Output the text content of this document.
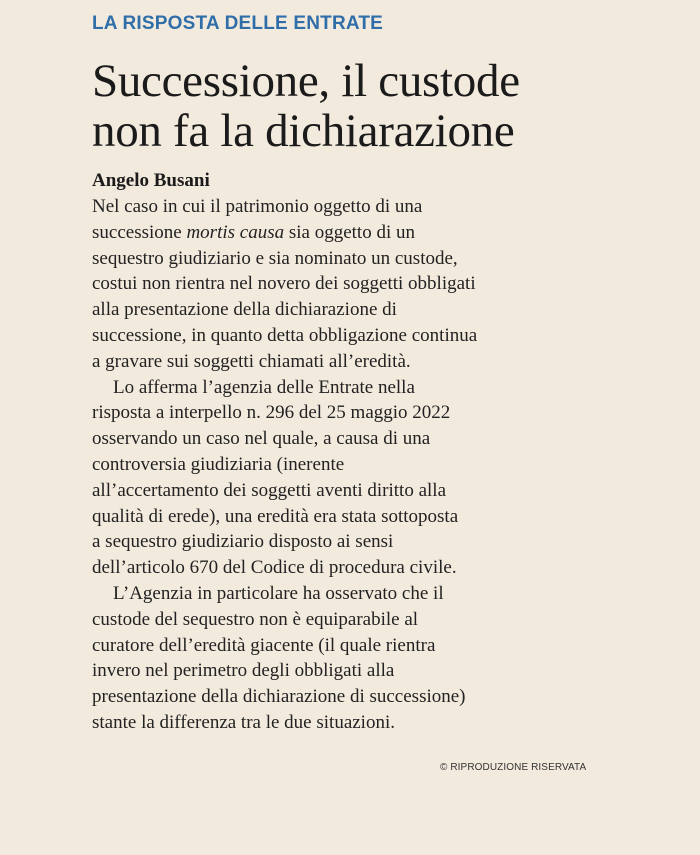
LA RISPOSTA DELLE ENTRATE

Successione, il custode
non fa la dichiarazione

Angelo Busani

Nel caso in cui il patrimonio oggetto di una
successione mortis causa sia oggetto di un
sequestro giudiziario e sia nominato un custode,
costui non rientra nel novero dei soggetti obbligati
alla presentazione della dichiarazione di
successione, in quanto detta obbligazione continua
a gravare sui soggetti chiamati all’eredità.

Lo afferma l’agenzia delle Entrate nella
risposta a interpello n. 296 del 25 maggio 2022
osservando un caso nel quale, a causa di una
controversia giudiziaria (inerente
all’accertamento dei soggetti aventi diritto alla
qualità di erede), una eredità era stata sottoposta
a sequestro giudiziario disposto ai sensi
dell’articolo 670 del Codice di procedura civile.

L’Agenzia in particolare ha osservato che il
custode del sequestro non è equiparabile al
curatore dell’eredità giacente (il quale rientra
invero nel perimetro degli obbligati alla
presentazione della dichiarazione di successione)
stante la differenza tra le due situazioni.

© RIPRODUZIONE RISERVATA
